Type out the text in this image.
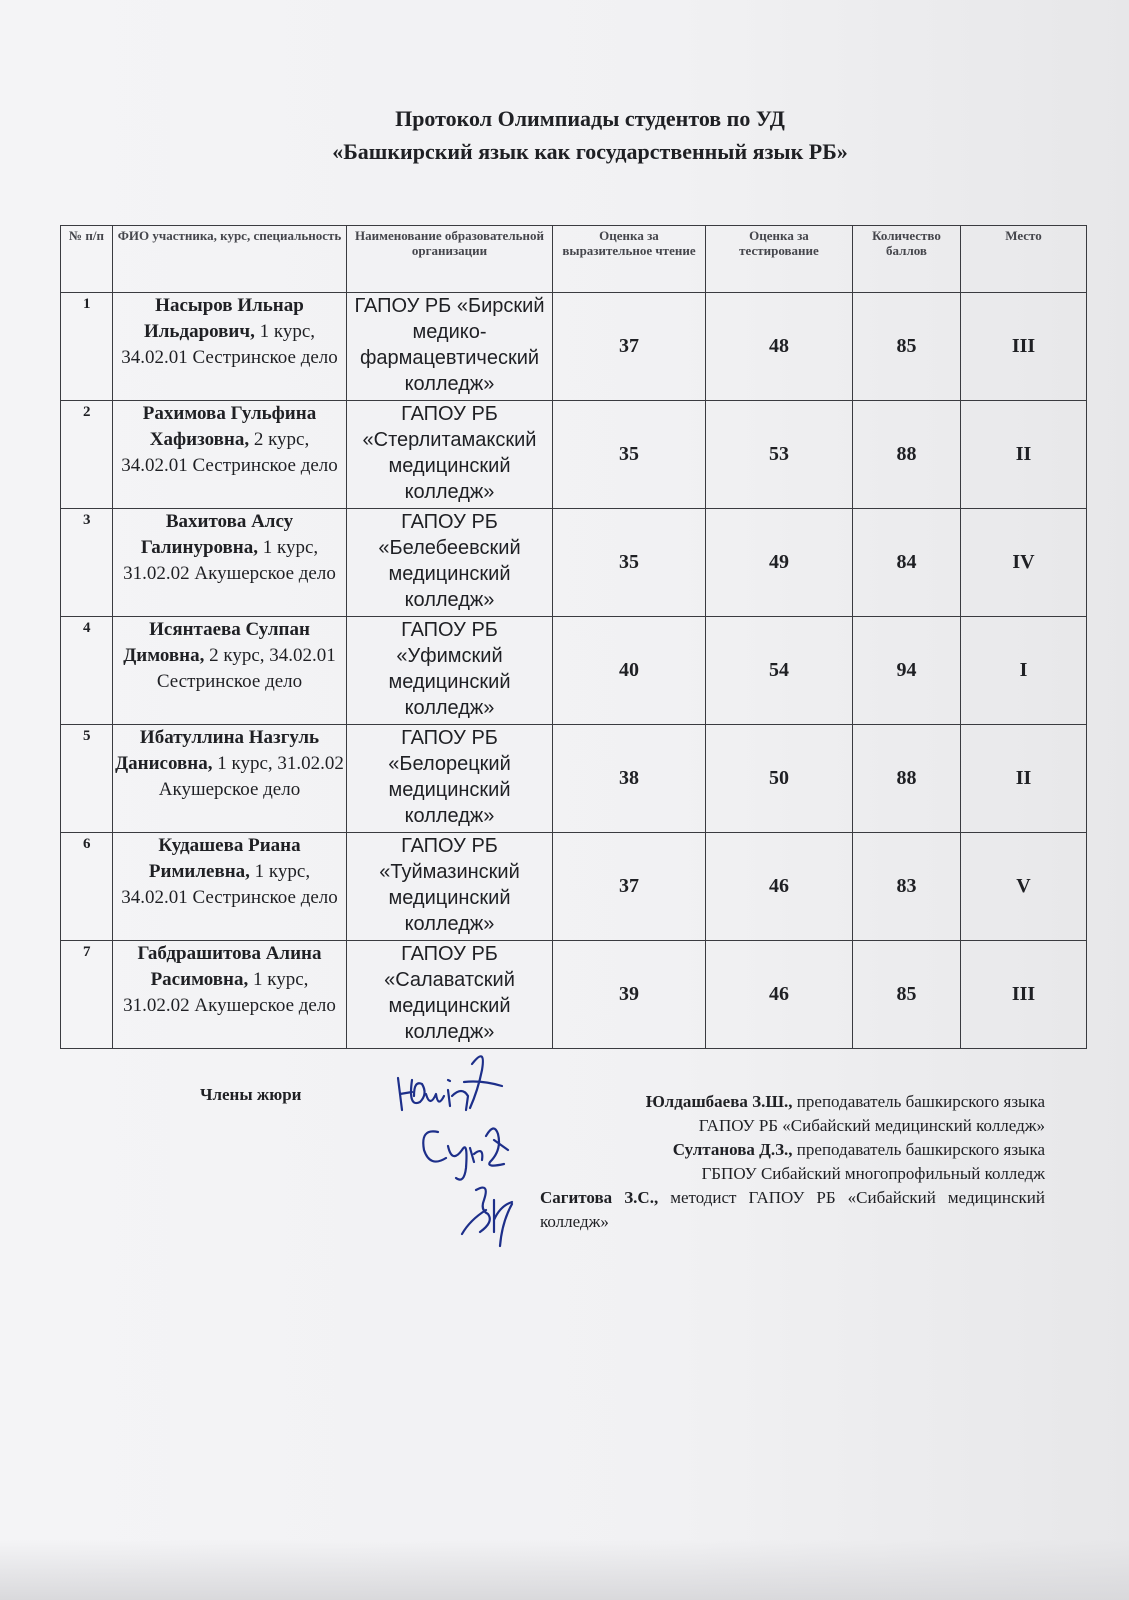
Протокол Олимпиады студентов по УД
«Башкирский язык как государственный язык РБ»
№ п/п	ФИО участника, курс, специальность	Наименование образовательной организации	Оценка за выразительное чтение	Оценка за тестирование	Количество баллов	Место
1	Насыров Ильнар Ильдарович, 1 курс, 34.02.01 Сестринское дело	ГАПОУ РБ «Бирский медико-фармацевтический колледж»	37	48	85	III
2	Рахимова Гульфина Хафизовна, 2 курс, 34.02.01 Сестринское дело	ГАПОУ РБ «Стерлитамакский медицинский колледж»	35	53	88	II
3	Вахитова Алсу Галинуровна, 1 курс, 31.02.02 Акушерское дело	ГАПОУ РБ «Белебеевский медицинский колледж»	35	49	84	IV
4	Исянтаева Сулпан Димовна, 2 курс, 34.02.01 Сестринское дело	ГАПОУ РБ «Уфимский медицинский колледж»	40	54	94	I
5	Ибатуллина Назгуль Данисовна, 1 курс, 31.02.02 Акушерское дело	ГАПОУ РБ «Белорецкий медицинский колледж»	38	50	88	II
6	Кудашева Риана Римилевна, 1 курс, 34.02.01 Сестринское дело	ГАПОУ РБ «Туймазинский медицинский колледж»	37	46	83	V
7	Габдрашитова Алина Расимовна, 1 курс, 31.02.02 Акушерское дело	ГАПОУ РБ «Салаватский медицинский колледж»	39	46	85	III
Члены жюри	Юлдашбаева З.Ш., преподаватель башкирского языка
ГАПОУ РБ «Сибайский медицинский колледж»
Султанова Д.З., преподаватель башкирского языка
ГБПОУ Сибайский многопрофильный колледж
Сагитова З.С., методист ГАПОУ РБ «Сибайский медицинский колледж»
